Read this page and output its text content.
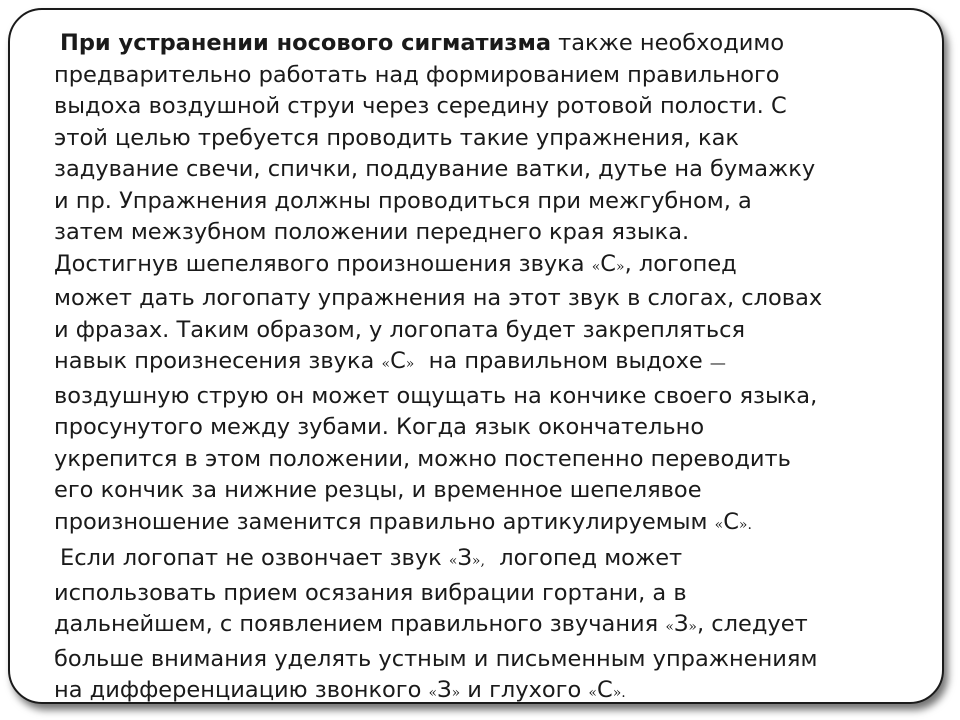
При устранении носового сигматизма также необходимо
предварительно работать над формированием правильного
выдоха воздушной струи через середину ротовой полости. С
этой целью требуется проводить такие упражнения, как
задувание свечи, спички, поддувание ватки, дутье на бумажку
и пр. Упражнения должны проводиться при межгубном, а
затем межзубном положении переднего края языка.
Достигнув шепелявого произношения звука «С», логопед
может дать логопату упражнения на этот звук в слогах, словах
и фразах. Таким образом, у логопата будет закрепляться
навык произнесения звука «С»  на правильном выдохе —
воздушную струю он может ощущать на кончике своего языка,
просунутого между зубами. Когда язык окончательно
укрепится в этом положении, можно постепенно переводить
его кончик за нижние резцы, и временное шепелявое
произношение заменится правильно артикулируемым «С».

Если логопат не озвончает звук «З»,  логопед может
использовать прием осязания вибрации гортани, а в
дальнейшем, с появлением правильного звучания «З», следует
больше внимания уделять устным и письменным упражнениям
на дифференциацию звонкого «З» и глухого «С».
